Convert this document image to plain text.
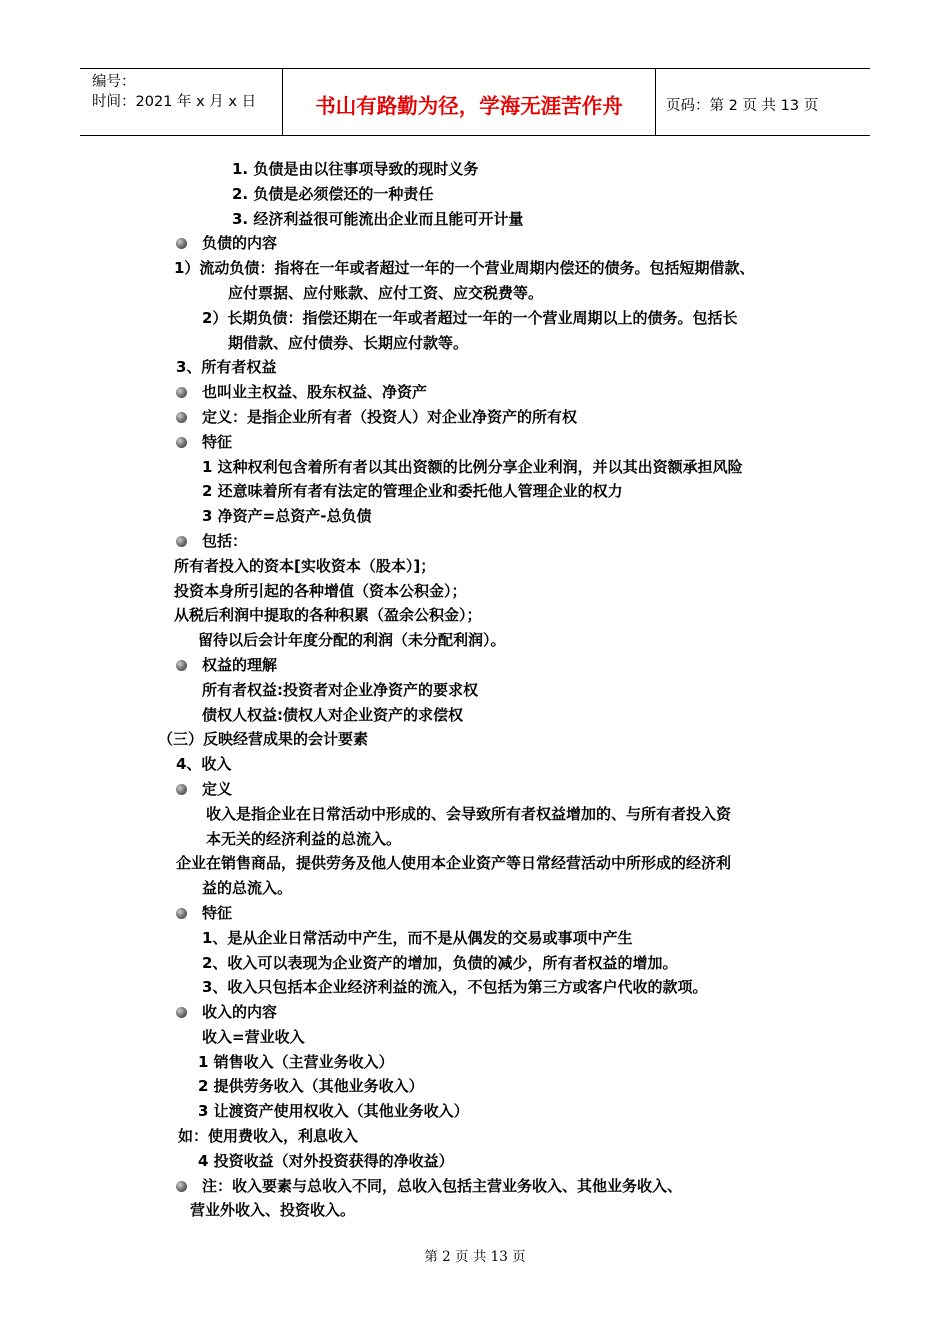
编号：
时间：2021 年 x 月 x 日	书山有路勤为径，学海无涯苦作舟	页码：第 2 页 共 13 页
1. 负债是由以往事项导致的现时义务
2. 负债是必须偿还的一种责任
3. 经济利益很可能流出企业而且能可开计量
负债的内容
1）流动负债：指将在一年或者超过一年的一个营业周期内偿还的债务。包括短期借款、
应付票据、应付账款、应付工资、应交税费等。
2）长期负债：指偿还期在一年或者超过一年的一个营业周期以上的债务。包括长
期借款、应付债券、长期应付款等。
3、所有者权益
也叫业主权益、股东权益、净资产
定义：是指企业所有者（投资人）对企业净资产的所有权
特征
1 这种权利包含着所有者以其出资额的比例分享企业利润，并以其出资额承担风险
2 还意味着所有者有法定的管理企业和委托他人管理企业的权力
3 净资产=总资产-总负债
包括：
所有者投入的资本[实收资本（股本）]；
投资本身所引起的各种增值（资本公积金）；
从税后利润中提取的各种积累（盈余公积金）；
留待以后会计年度分配的利润（未分配利润）。
权益的理解
所有者权益:投资者对企业净资产的要求权
债权人权益:债权人对企业资产的求偿权
（三）反映经营成果的会计要素
4、收入
定义
收入是指企业在日常活动中形成的、会导致所有者权益增加的、与所有者投入资
本无关的经济利益的总流入。
企业在销售商品，提供劳务及他人使用本企业资产等日常经营活动中所形成的经济利
益的总流入。
特征
1、是从企业日常活动中产生，而不是从偶发的交易或事项中产生
2、收入可以表现为企业资产的增加，负债的减少，所有者权益的增加。
3、收入只包括本企业经济利益的流入，不包括为第三方或客户代收的款项。
收入的内容
收入=营业收入
1 销售收入（主营业务收入）
2 提供劳务收入（其他业务收入）
3 让渡资产使用权收入（其他业务收入）
如：使用费收入，利息收入
4 投资收益（对外投资获得的净收益）
注：收入要素与总收入不同，总收入包括主营业务收入、其他业务收入、
营业外收入、投资收入。
第 2 页 共 13 页
